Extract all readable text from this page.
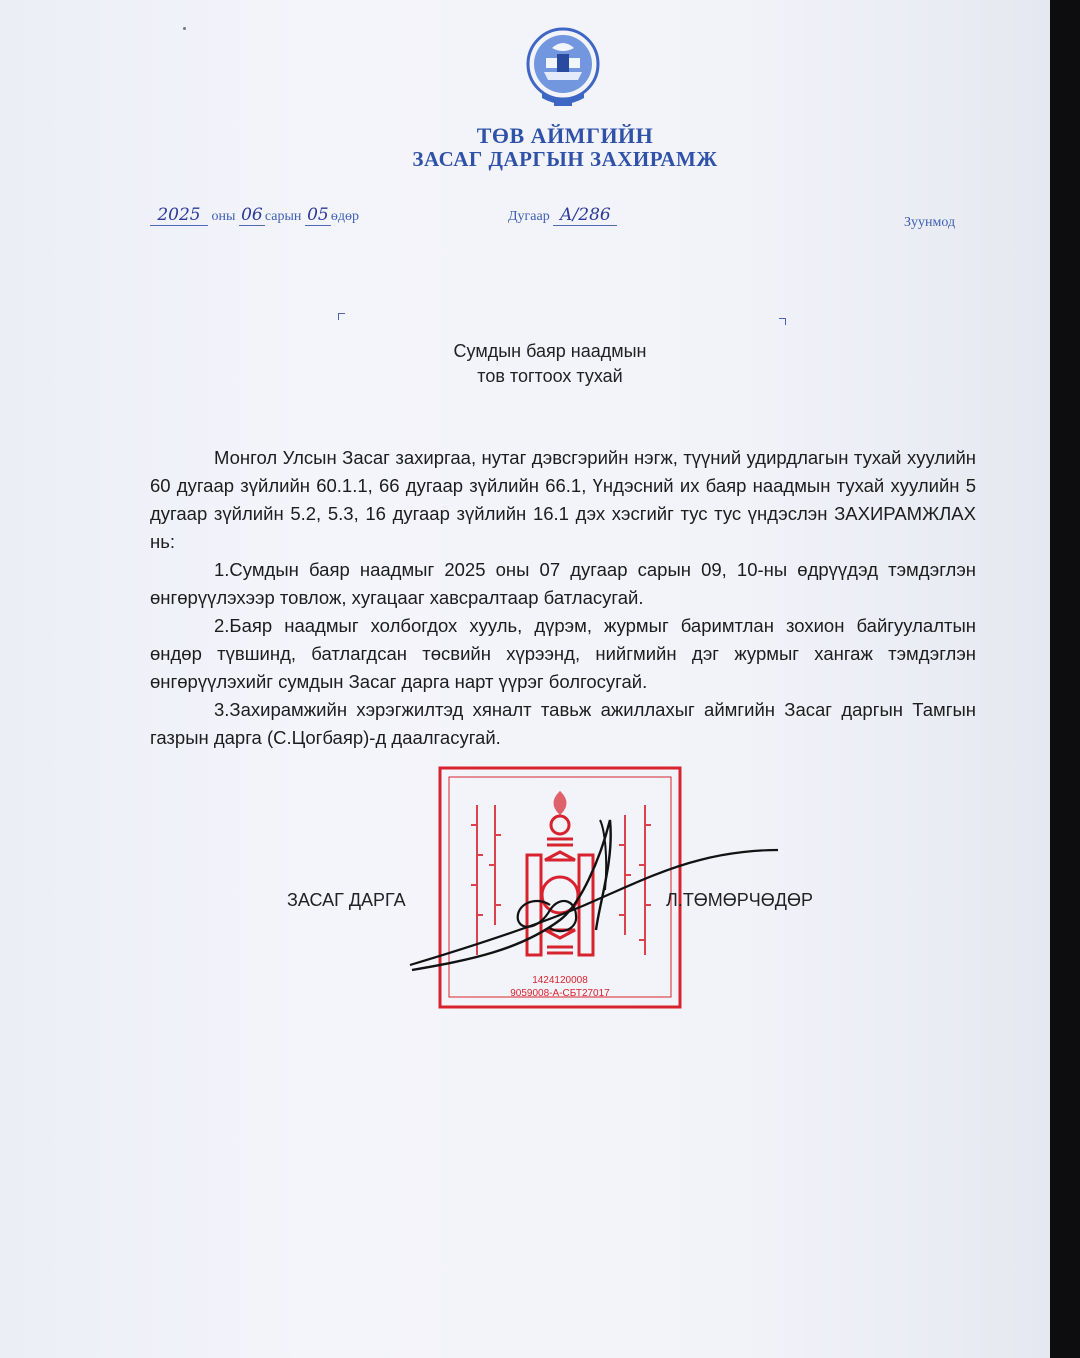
ТӨВ АЙМГИЙН
ЗАСАГ ДАРГЫН ЗАХИРАМЖ
2025 оны 06 сарын 05 өдөр	Дугаар А/286	Зуунмод
Сумдын баяр наадмын
тов тогтоох тухай

Монгол Улсын Засаг захиргаа, нутаг дэвсгэрийн нэгж, түүний удирдлагын тухай хуулийн 60 дугаар зүйлийн 60.1.1, 66 дугаар зүйлийн 66.1, Үндэсний их баяр наадмын тухай хуулийн 5 дугаар зүйлийн 5.2, 5.3, 16 дугаар зүйлийн 16.1 дэх хэсгийг тус тус үндэслэн ЗАХИРАМЖЛАХ нь:

1.Сумдын баяр наадмыг 2025 оны 07 дугаар сарын 09, 10-ны өдрүүдэд тэмдэглэн өнгөрүүлэхээр товлож, хугацааг хавсралтаар батласугай.

2.Баяр наадмыг холбогдох хууль, дүрэм, журмыг баримтлан зохион байгуулалтын өндөр түвшинд, батлагдсан төсвийн хүрээнд, нийгмийн дэг журмыг хангаж тэмдэглэн өнгөрүүлэхийг сумдын Засаг дарга нарт үүрэг болгосугай.

3.Захирамжийн хэрэгжилтэд хяналт тавьж ажиллахыг аймгийн Засаг даргын Тамгын газрын дарга (С.Цогбаяр)-д даалгасугай.

1424120008
9059008-А-СБТ27017
ЗАСАГ ДАРГА	Л.ТӨМӨРЧӨДӨР
